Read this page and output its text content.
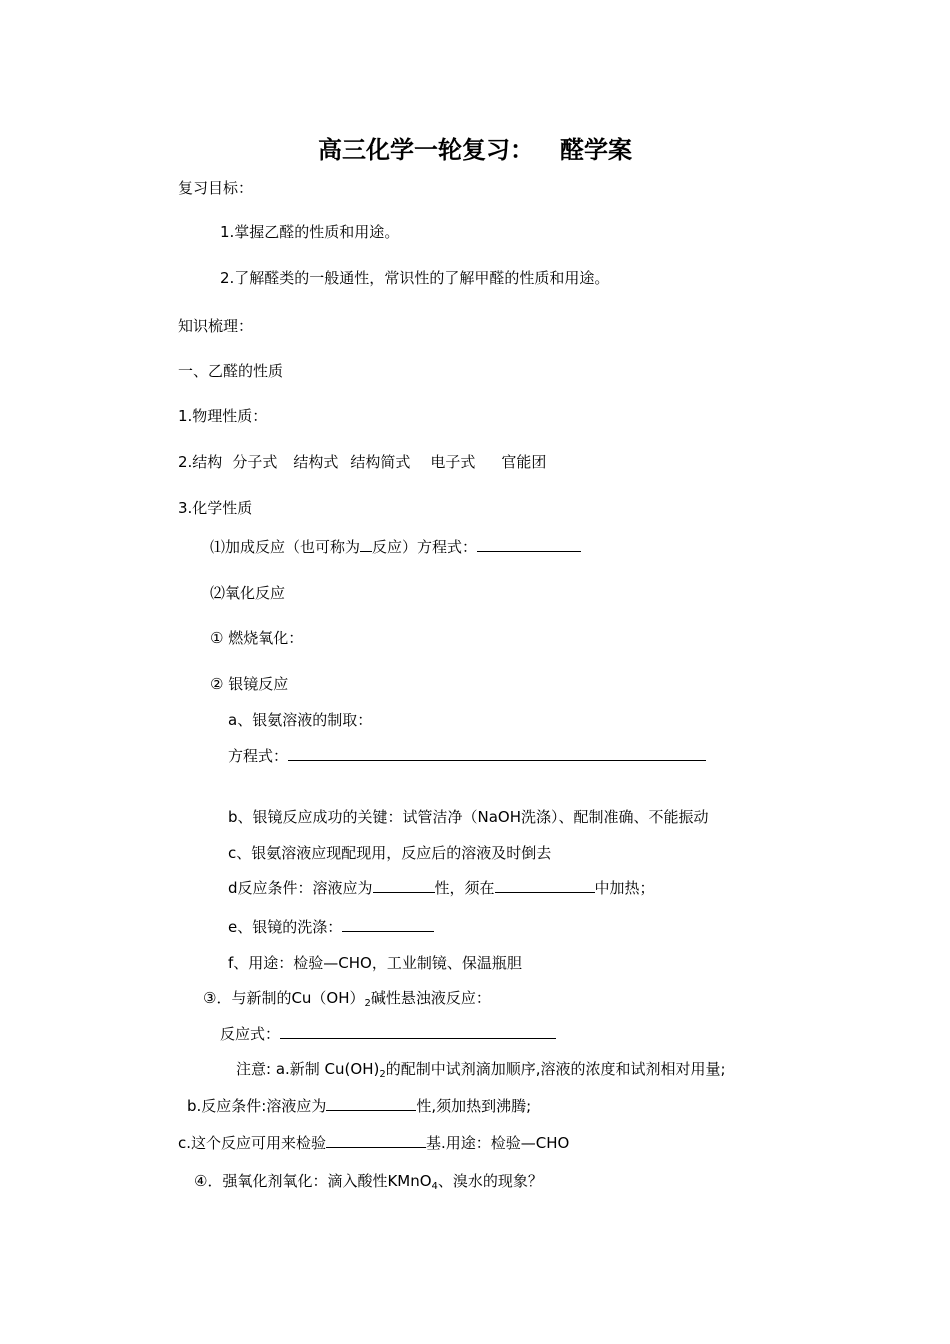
高三化学一轮复习： 醛学案
复习目标：
1.掌握乙醛的性质和用途。
2.了解醛类的一般通性，常识性的了解甲醛的性质和用途。
知识梳理：
一、乙醛的性质
1.物理性质：
2.结构 分子式 结构式 结构简式 电子式 官能团
3.化学性质
⑴加成反应（也可称为 反应）方程式：
⑵氧化反应
① 燃烧氧化：
② 银镜反应
a、银氨溶液的制取：
方程式：
b、银镜反应成功的关键：试管洁净（NaOH洗涤）、配制准确、不能振动
c、银氨溶液应现配现用，反应后的溶液及时倒去
d反应条件：溶液应为	性，须在	中加热；
e、银镜的洗涤：
f、用途：检验—CHO，工业制镜、保温瓶胆
③．与新制的$Cu(OH)_2$碱性悬浊液反应：
反应式：
注意: a.新制 $Cu(OH)_2$的配制中试剂滴加顺序,溶液的浓度和试剂相对用量;
b.反应条件:溶液应为	性,须加热到沸腾;
c.这个反应可用来检验	基.用途：检验—CHO
④．强氧化剂氧化：滴入酸性KMnO$_4$、溴水的现象？
